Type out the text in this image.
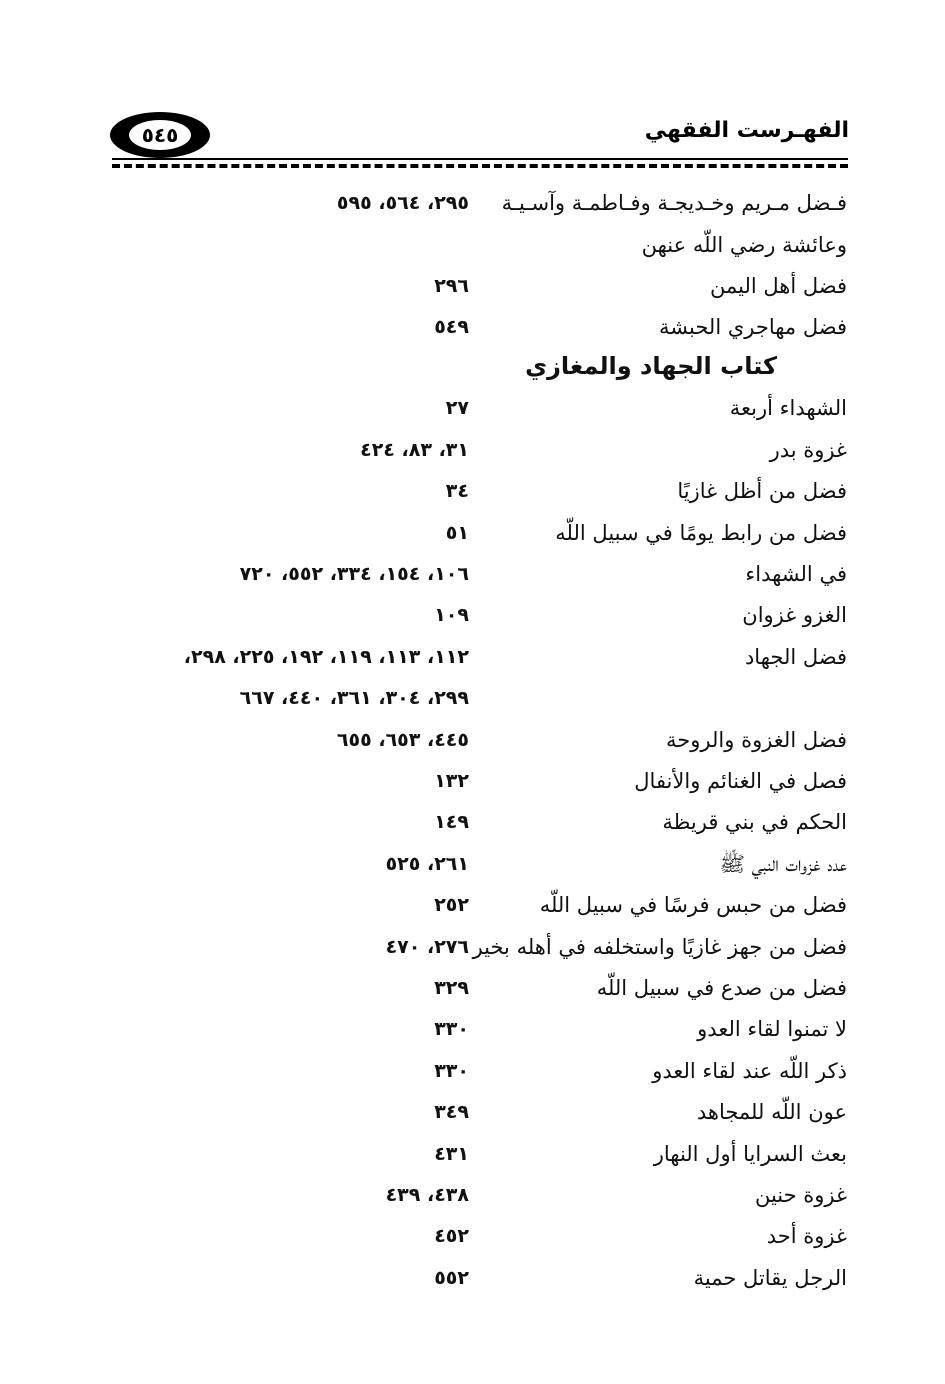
الفهـرست الفقهي
٥٤٥
فـضل مـريم وخـديجـة وفـاطمـة وآسـيـة
٢٩٥، ٥٦٤، ٥٩٥
وعائشة رضي اللّه عنهن
فضل أهل اليمن
٢٩٦
فضل مهاجري الحبشة
٥٤٩
كتاب الجهاد والمغازي
الشهداء أربعة
٢٧
غزوة بدر
٣١، ٨٣، ٤٢٤
فضل من أظل غازيًا
٣٤
فضل من رابط يومًا في سبيل اللّه
٥١
في الشهداء
١٠٦، ١٥٤، ٣٣٤، ٥٥٢، ٧٢٠
الغزو غزوان
١٠٩
فضل الجهاد
١١٢، ١١٣، ١١٩، ١٩٢، ٢٢٥، ٢٩٨،
٢٩٩، ٣٠٤، ٣٦١، ٤٤٠، ٦٦٧
فضل الغزوة والروحة
٤٤٥، ٦٥٣، ٦٥٥
فصل في الغنائم والأنفال
١٣٢
الحكم في بني قريظة
١٤٩
عدد غزوات النبي ﷺ
٢٦١، ٥٢٥
فضل من حبس فرسًا في سبيل اللّه
٢٥٢
فضل من جهز غازيًا واستخلفه في أهله بخير
٢٧٦، ٤٧٠
فضل من صدع في سبيل اللّه
٣٢٩
لا تمنوا لقاء العدو
٣٣٠
ذكر اللّه عند لقاء العدو
٣٣٠
عون اللّه للمجاهد
٣٤٩
بعث السرايا أول النهار
٤٣١
غزوة حنين
٤٣٨، ٤٣٩
غزوة أحد
٤٥٢
الرجل يقاتل حمية
٥٥٢
